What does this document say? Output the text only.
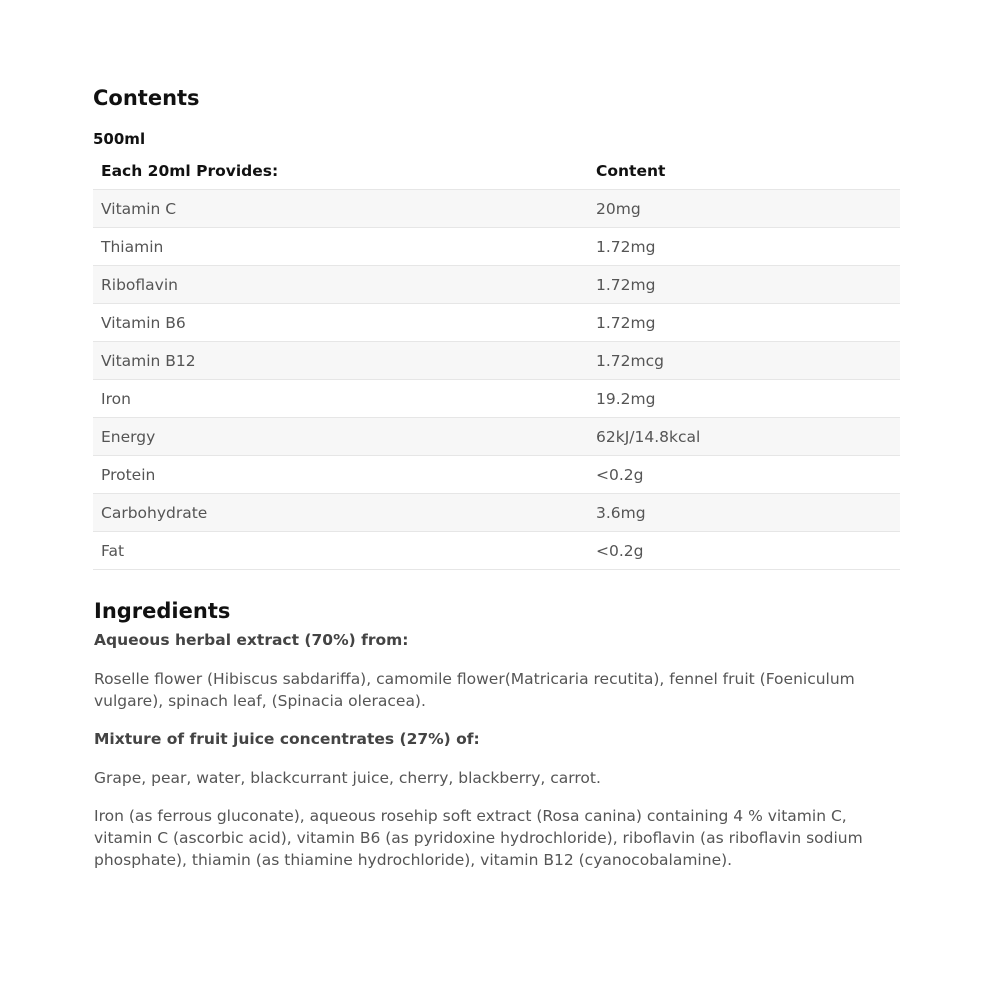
Contents
500ml
Each 20ml Provides:	Content
Vitamin C	20mg
Thiamin	1.72mg
Riboflavin	1.72mg
Vitamin B6	1.72mg
Vitamin B12	1.72mcg
Iron	19.2mg
Energy	62kJ/14.8kcal
Protein	<0.2g
Carbohydrate	3.6mg
Fat	<0.2g
Ingredients

Aqueous herbal extract (70%) from:

Roselle flower (Hibiscus sabdariffa), camomile flower(Matricaria recutita), fennel fruit (Foeniculum vulgare), spinach leaf, (Spinacia oleracea).

Mixture of fruit juice concentrates (27%) of:

Grape, pear, water, blackcurrant juice, cherry, blackberry, carrot.

Iron (as ferrous gluconate), aqueous rosehip soft extract (Rosa canina) containing 4 % vitamin C, vitamin C (ascorbic acid), vitamin B6 (as pyridoxine hydrochloride), riboflavin (as riboflavin sodium phosphate), thiamin (as thiamine hydrochloride), vitamin B12 (cyanocobalamine).
